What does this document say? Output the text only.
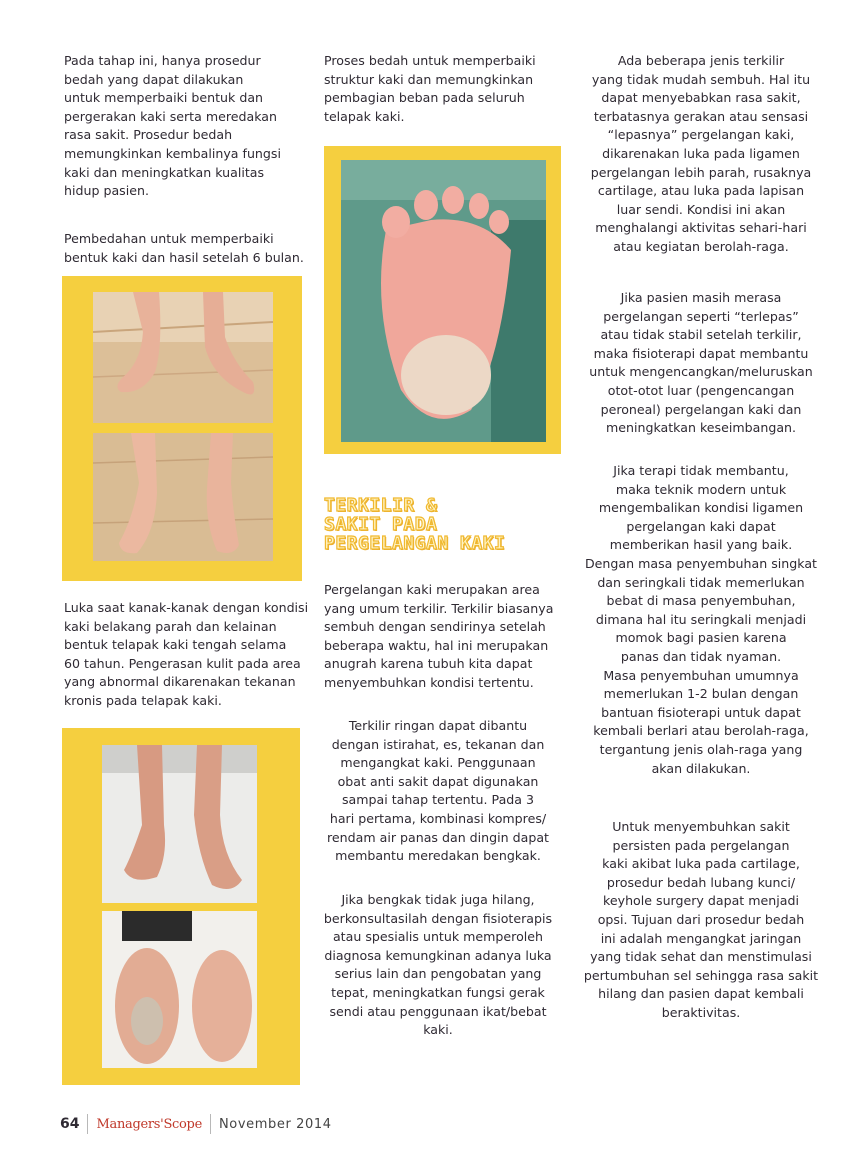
Pada tahap ini, hanya prosedur
bedah yang dapat dilakukan
untuk memperbaiki bentuk dan
pergerakan kaki serta meredakan
rasa sakit. Prosedur bedah
memungkinkan kembalinya fungsi
kaki dan meningkatkan kualitas
hidup pasien.
Pembedahan untuk memperbaiki
bentuk kaki dan hasil setelah 6 bulan.
Luka saat kanak-kanak dengan kondisi
kaki belakang parah dan kelainan
bentuk telapak kaki tengah selama
60 tahun. Pengerasan kulit pada area
yang abnormal dikarenakan tekanan
kronis pada telapak kaki.
Proses bedah untuk memperbaiki
struktur kaki dan memungkinkan
pembagian beban pada seluruh
telapak kaki.
TERKILIR &
SAKIT PADA
PERGELANGAN KAKI
Pergelangan kaki merupakan area
yang umum terkilir. Terkilir biasanya
sembuh dengan sendirinya setelah
beberapa waktu, hal ini merupakan
anugrah karena tubuh kita dapat
menyembuhkan kondisi tertentu.
Terkilir ringan dapat dibantu
dengan istirahat, es, tekanan dan
mengangkat kaki. Penggunaan
obat anti sakit dapat digunakan
sampai tahap tertentu. Pada 3
hari pertama, kombinasi kompres/
rendam air panas dan dingin dapat
membantu meredakan bengkak.
Jika bengkak tidak juga hilang,
berkonsultasilah dengan fisioterapis
atau spesialis untuk memperoleh
diagnosa kemungkinan adanya luka
serius lain dan pengobatan yang
tepat, meningkatkan fungsi gerak
sendi atau penggunaan ikat/bebat
kaki.
Ada beberapa jenis terkilir
yang tidak mudah sembuh. Hal itu
dapat menyebabkan rasa sakit,
terbatasnya gerakan atau sensasi
“lepasnya” pergelangan kaki,
dikarenakan luka pada ligamen
pergelangan lebih parah, rusaknya
cartilage, atau luka pada lapisan
luar sendi. Kondisi ini akan
menghalangi aktivitas sehari-hari
atau kegiatan berolah-raga.
Jika pasien masih merasa
pergelangan seperti “terlepas”
atau tidak stabil setelah terkilir,
maka fisioterapi dapat membantu
untuk mengencangkan/meluruskan
otot-otot luar (pengencangan
peroneal) pergelangan kaki dan
meningkatkan keseimbangan.
Jika terapi tidak membantu,
maka teknik modern untuk
mengembalikan kondisi ligamen
pergelangan kaki dapat
memberikan hasil yang baik.
Dengan masa penyembuhan singkat
dan seringkali tidak memerlukan
bebat di masa penyembuhan,
dimana hal itu seringkali menjadi
momok bagi pasien karena
panas dan tidak nyaman.
Masa penyembuhan umumnya
memerlukan 1-2 bulan dengan
bantuan fisioterapi untuk dapat
kembali berlari atau berolah-raga,
tergantung jenis olah-raga yang
akan dilakukan.
Untuk menyembuhkan sakit
persisten pada pergelangan
kaki akibat luka pada cartilage,
prosedur bedah lubang kunci/
keyhole surgery dapat menjadi
opsi. Tujuan dari prosedur bedah
ini adalah mengangkat jaringan
yang tidak sehat dan menstimulasi
pertumbuhan sel sehingga rasa sakit
hilang dan pasien dapat kembali
beraktivitas.
64 Managers'Scope November 2014
